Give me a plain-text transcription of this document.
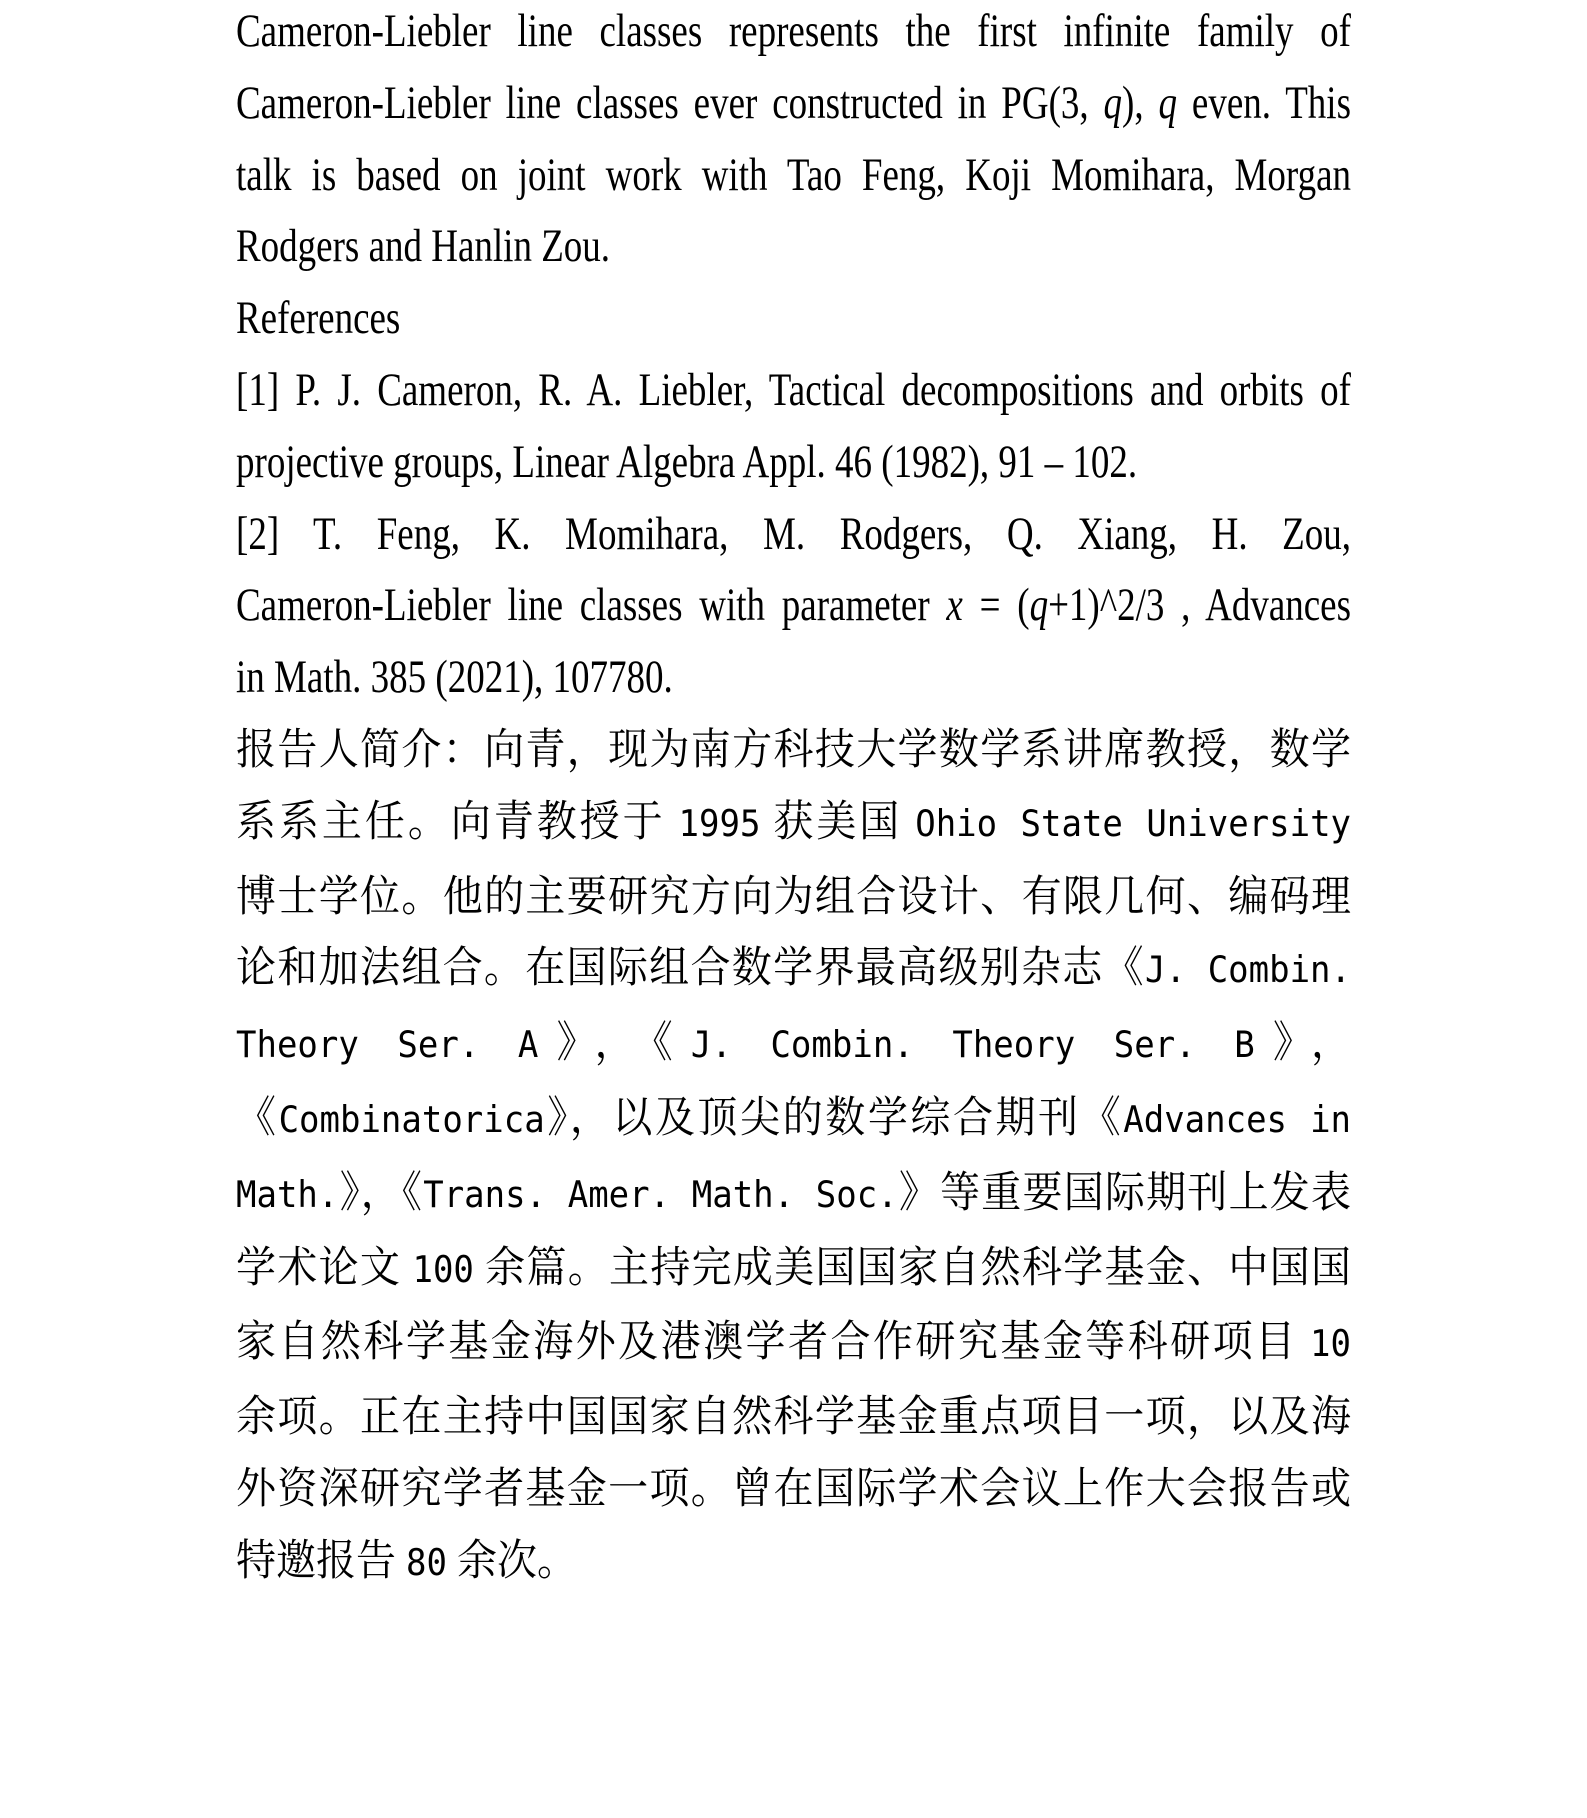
Cameron-Liebler line classes represents the first infinite family of
Cameron-Liebler line classes ever constructed in PG(3, q), q even. This
talk is based on joint work with Tao Feng, Koji Momihara, Morgan
Rodgers and Hanlin Zou.
References
[1] P. J. Cameron, R. A. Liebler, Tactical decompositions and orbits of
projective groups, Linear Algebra Appl. 46 (1982), 91 – 102.
[2] T. Feng, K. Momihara, M. Rodgers, Q. Xiang, H. Zou,
Cameron-Liebler line classes with parameter x = (q+1)^2/3 , Advances
in Math. 385 (2021), 107780.
报告人简介：向青，现为南方科技大学数学系讲席教授，数学
系系主任。向青教授于 1995 获美国 Ohio State University
博士学位。他的主要研究方向为组合设计、有限几何、编码理
论和加法组合。在国际组合数学界最高级别杂志《J. Combin.
Theory Ser. A》，《J. Combin. Theory Ser. B》，
《Combinatorica》，以及顶尖的数学综合期刊《Advances in
Math.》，《Trans. Amer. Math. Soc.》等重要国际期刊上发表
学术论文 100 余篇。主持完成美国国家自然科学基金、中国国
家自然科学基金海外及港澳学者合作研究基金等科研项目 10
余项。正在主持中国国家自然科学基金重点项目一项，以及海
外资深研究学者基金一项。曾在国际学术会议上作大会报告或
特邀报告 80 余次。
